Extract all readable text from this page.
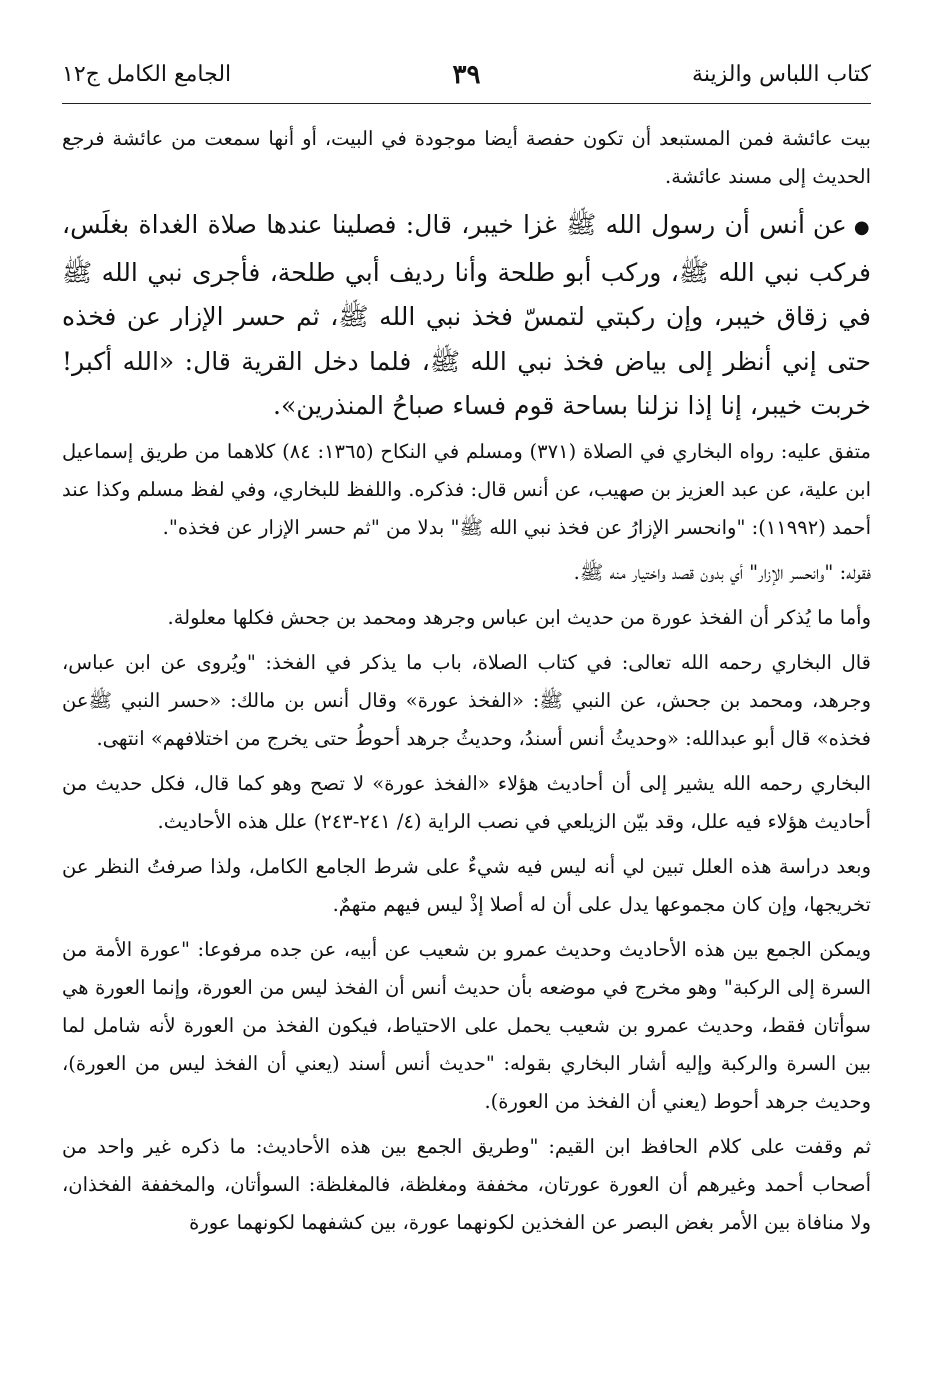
كتاب اللباس والزينة
٣٩
الجامع الكامل ج١٢

بيت عائشة فمن المستبعد أن تكون حفصة أيضا موجودة في البيت، أو أنها سمعت من عائشة فرجع الحديث إلى مسند عائشة.

● عن أنس أن رسول الله ﷺ غزا خيبر، قال: فصلينا عندها صلاة الغداة بغلَس، فركب نبي الله ﷺ، وركب أبو طلحة وأنا رديف أبي طلحة، فأجرى نبي الله ﷺ في زقاق خيبر، وإن ركبتي لتمسّ فخذ نبي الله ﷺ، ثم حسر الإزار عن فخذه حتى إني أنظر إلى بياض فخذ نبي الله ﷺ، فلما دخل القرية قال: «الله أكبر! خربت خيبر، إنا إذا نزلنا بساحة قوم فساء صباحُ المنذرين».

متفق عليه: رواه البخاري في الصلاة (٣٧١) ومسلم في النكاح (١٣٦٥: ٨٤) كلاهما من طريق إسماعيل ابن علية، عن عبد العزيز بن صهيب، عن أنس قال: فذكره. واللفظ للبخاري، وفي لفظ مسلم وكذا عند أحمد (١١٩٩٢): "وانحسر الإزارُ عن فخذ نبي الله ﷺ" بدلا من "ثم حسر الإزار عن فخذه".

فقوله: "وانحسر الإزار" أي بدون قصد واختيار منه ﷺ.

وأما ما يُذكر أن الفخذ عورة من حديث ابن عباس وجرهد ومحمد بن جحش فكلها معلولة.

قال البخاري رحمه الله تعالى: في كتاب الصلاة، باب ما يذكر في الفخذ: "ويُروى عن ابن عباس، وجرهد، ومحمد بن جحش، عن النبي ﷺ: «الفخذ عورة» وقال أنس بن مالك: «حسر النبي ﷺعن فخذه» قال أبو عبدالله: «وحديثُ أنس أسندُ، وحديثُ جرهد أحوطُ حتى يخرج من اختلافهم» انتهى.

البخاري رحمه الله يشير إلى أن أحاديث هؤلاء «الفخذ عورة» لا تصح وهو كما قال، فكل حديث من أحاديث هؤلاء فيه علل، وقد بيّن الزيلعي في نصب الراية (٤/ ٢٤١-٢٤٣) علل هذه الأحاديث.

وبعد دراسة هذه العلل تبين لي أنه ليس فيه شيءٌ على شرط الجامع الكامل، ولذا صرفتُ النظر عن تخريجها، وإن كان مجموعها يدل على أن له أصلا إذْ ليس فيهم متهمٌ.

ويمكن الجمع بين هذه الأحاديث وحديث عمرو بن شعيب عن أبيه، عن جده مرفوعا: "عورة الأمة من السرة إلى الركبة" وهو مخرج في موضعه بأن حديث أنس أن الفخذ ليس من العورة، وإنما العورة هي سوأتان فقط، وحديث عمرو بن شعيب يحمل على الاحتياط، فيكون الفخذ من العورة لأنه شامل لما بين السرة والركبة وإليه أشار البخاري بقوله: "حديث أنس أسند (يعني أن الفخذ ليس من العورة)، وحديث جرهد أحوط (يعني أن الفخذ من العورة).

ثم وقفت على كلام الحافظ ابن القيم: "وطريق الجمع بين هذه الأحاديث: ما ذكره غير واحد من أصحاب أحمد وغيرهم أن العورة عورتان، مخففة ومغلظة، فالمغلظة: السوأتان، والمخففة الفخذان، ولا منافاة بين الأمر بغض البصر عن الفخذين لكونهما عورة، بين كشفهما لكونهما عورة
